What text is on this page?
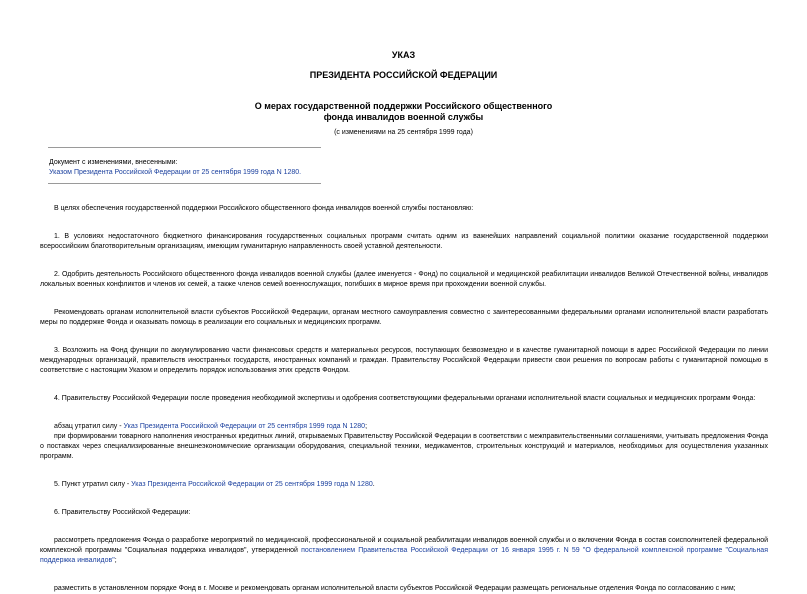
УКАЗ
ПРЕЗИДЕНТА РОССИЙСКОЙ ФЕДЕРАЦИИ
О мерах государственной поддержки Российского общественного
фонда инвалидов военной службы
(с изменениями на 25 сентября 1999 года)
Документ с изменениями, внесенными:
Указом Президента Российской Федерации от 25 сентября 1999 года N 1280.

В целях обеспечения государственной поддержки Российского общественного фонда инвалидов военной службы постановляю:

1. В условиях недостаточного бюджетного финансирования государственных социальных программ считать одним из важнейших направлений социальной политики оказание государственной поддержки всероссийским благотворительным организациям, имеющим гуманитарную направленность своей уставной деятельности.

2. Одобрить деятельность Российского общественного фонда инвалидов военной службы (далее именуется - Фонд) по социальной и медицинской реабилитации инвалидов Великой Отечественной войны, инвалидов локальных военных конфликтов и членов их семей, а также членов семей военнослужащих, погибших в мирное время при прохождении военной службы.

Рекомендовать органам исполнительной власти субъектов Российской Федерации, органам местного самоуправления совместно с заинтересованными федеральными органами исполнительной власти разработать меры по поддержке Фонда и оказывать помощь в реализации его социальных и медицинских программ.

3. Возложить на Фонд функции по аккумулированию части финансовых средств и материальных ресурсов, поступающих безвозмездно и в качестве гуманитарной помощи в адрес Российской Федерации по линии международных организаций, правительств иностранных государств, иностранных компаний и граждан. Правительству Российской Федерации привести свои решения по вопросам работы с гуманитарной помощью в соответствие с настоящим Указом и определить порядок использования этих средств Фондом.

4. Правительству Российской Федерации после проведения необходимой экспертизы и одобрения соответствующими федеральными органами исполнительной власти социальных и медицинских программ Фонда:

абзац утратил силу - Указ Президента Российской Федерации от 25 сентября 1999 года N 1280;

при формировании товарного наполнения иностранных кредитных линий, открываемых Правительству Российской Федерации в соответствии с межправительственными соглашениями, учитывать предложения Фонда о поставках через специализированные внешнеэкономические организации оборудования, специальной техники, медикаментов, строительных конструкций и материалов, необходимых для осуществления указанных программ.

5. Пункт утратил силу - Указ Президента Российской Федерации от 25 сентября 1999 года N 1280.

6. Правительству Российской Федерации:

рассмотреть предложения Фонда о разработке мероприятий по медицинской, профессиональной и социальной реабилитации инвалидов военной службы и о включении Фонда в состав соисполнителей федеральной комплексной программы "Социальная поддержка инвалидов", утвержденной постановлением Правительства Российской Федерации от 16 января 1995 г. N 59 "О федеральной комплексной программе "Социальная поддержка инвалидов";

разместить в установленном порядке Фонд в г. Москве и рекомендовать органам исполнительной власти субъектов Российской Федерации размещать региональные отделения Фонда по согласованию с ним;
